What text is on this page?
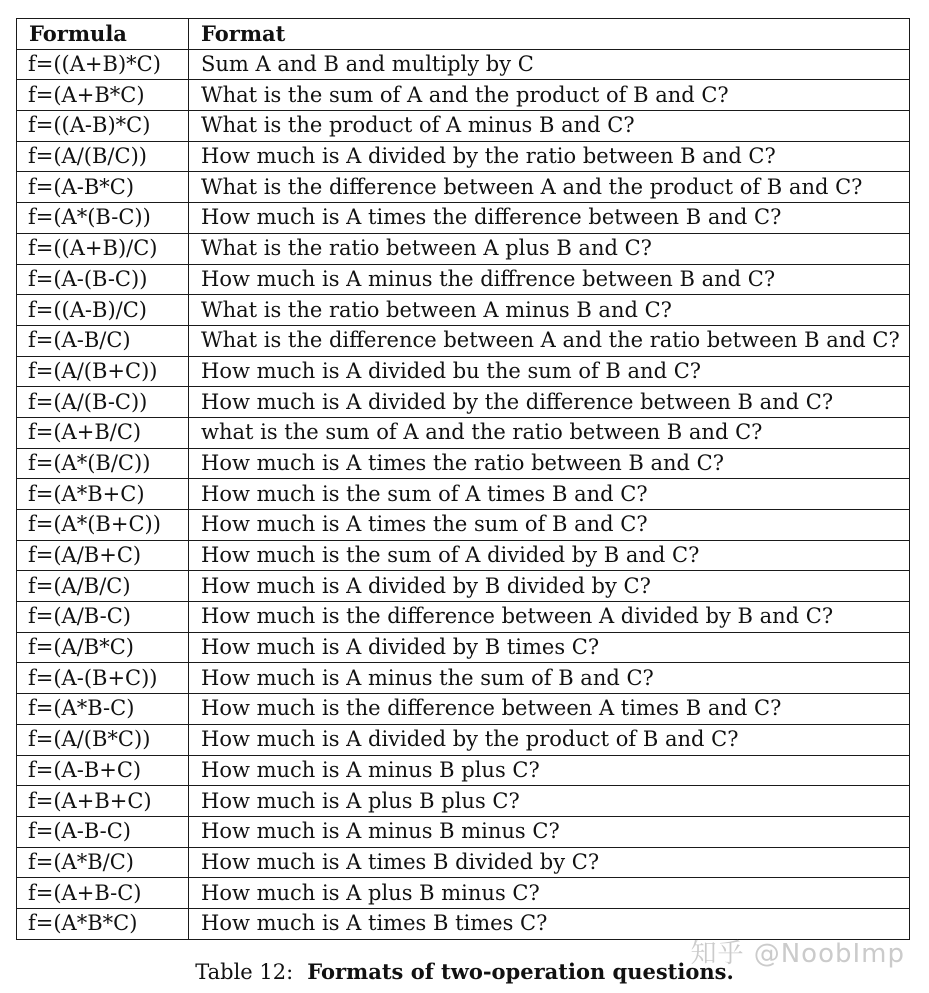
Formula	Format
f=((A+B)*C)	Sum A and B and multiply by C
f=(A+B*C)	What is the sum of A and the product of B and C?
f=((A-B)*C)	What is the product of A minus B and C?
f=(A/(B/C))	How much is A divided by the ratio between B and C?
f=(A-B*C)	What is the difference between A and the product of B and C?
f=(A*(B-C))	How much is A times the difference between B and C?
f=((A+B)/C)	What is the ratio between A plus B and C?
f=(A-(B-C))	How much is A minus the diffrence between B and C?
f=((A-B)/C)	What is the ratio between A minus B and C?
f=(A-B/C)	What is the difference between A and the ratio between B and C?
f=(A/(B+C))	How much is A divided bu the sum of B and C?
f=(A/(B-C))	How much is A divided by the difference between B and C?
f=(A+B/C)	what is the sum of A and the ratio between B and C?
f=(A*(B/C))	How much is A times the ratio between B and C?
f=(A*B+C)	How much is the sum of A times B and C?
f=(A*(B+C))	How much is A times the sum of B and C?
f=(A/B+C)	How much is the sum of A divided by B and C?
f=(A/B/C)	How much is A divided by B divided by C?
f=(A/B-C)	How much is the difference between A divided by B and C?
f=(A/B*C)	How much is A divided by B times C?
f=(A-(B+C))	How much is A minus the sum of B and C?
f=(A*B-C)	How much is the difference between A times B and C?
f=(A/(B*C))	How much is A divided by the product of B and C?
f=(A-B+C)	How much is A minus B plus C?
f=(A+B+C)	How much is A plus B plus C?
f=(A-B-C)	How much is A minus B minus C?
f=(A*B/C)	How much is A times B divided by C?
f=(A+B-C)	How much is A plus B minus C?
f=(A*B*C)	How much is A times B times C?
Table 12: Formats of two-operation questions.
知乎 @NoobImp
